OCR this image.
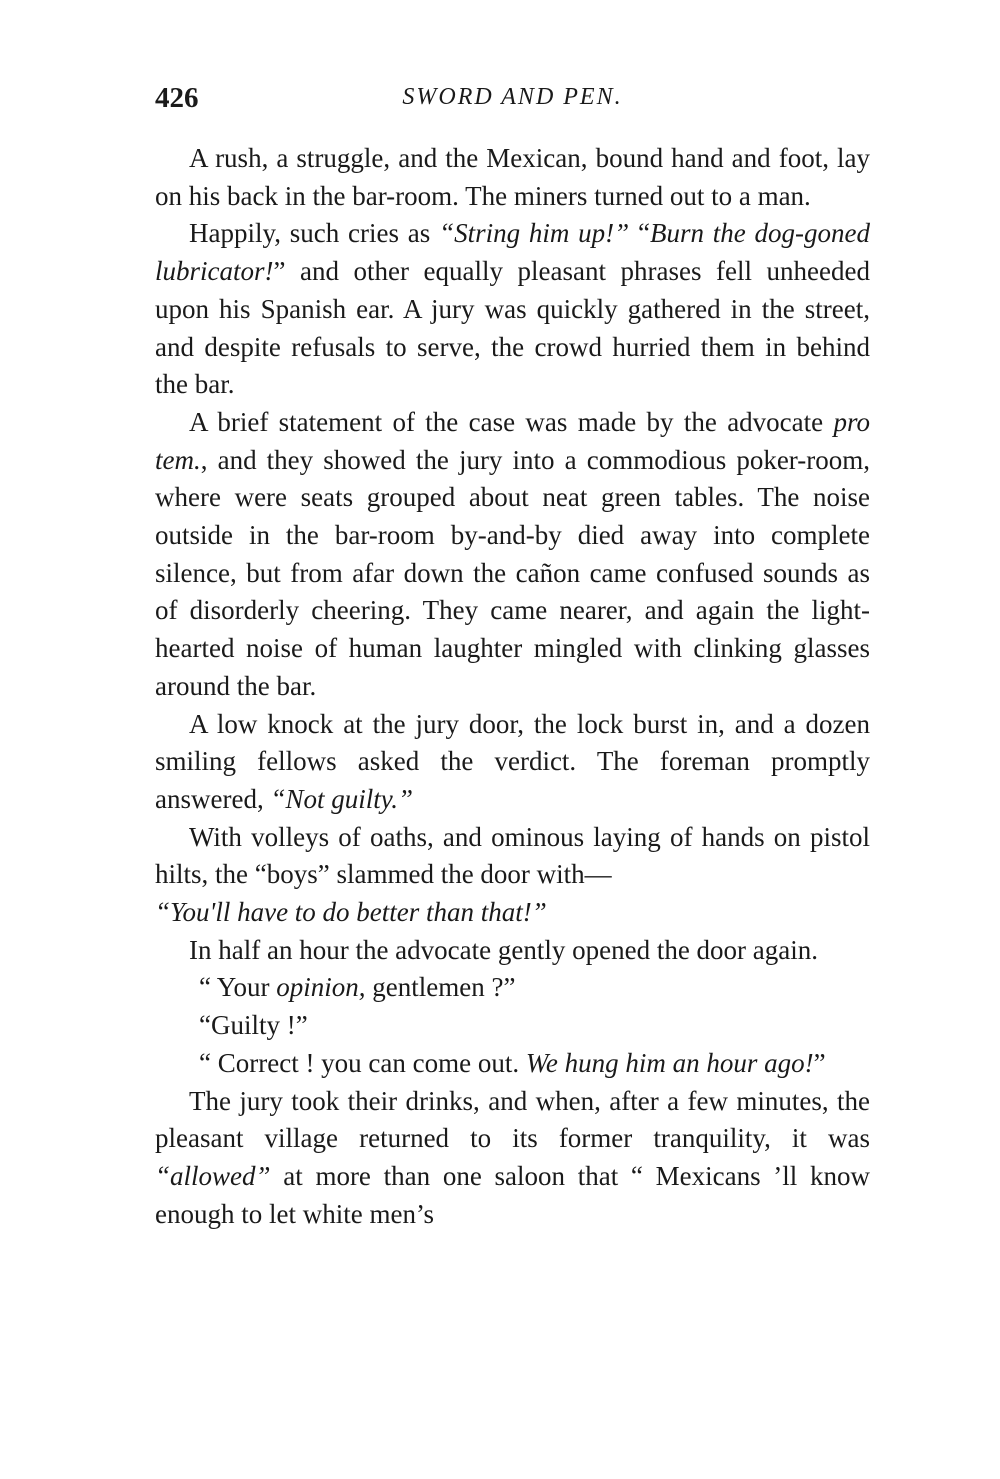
426	SWORD AND PEN.

A rush, a struggle, and the Mexican, bound hand and foot, lay on his back in the bar-room. The miners turned out to a man.

Happily, such cries as “String him up!” “Burn the dog-goned lubricator!” and other equally pleasant phrases fell unheeded upon his Spanish ear. A jury was quickly gathered in the street, and despite refusals to serve, the crowd hurried them in behind the bar.

A brief statement of the case was made by the advocate pro tem., and they showed the jury into a commodious poker-room, where were seats grouped about neat green tables. The noise outside in the bar-room by-and-by died away into complete silence, but from afar down the cañon came confused sounds as of disorderly cheering. They came nearer, and again the light-hearted noise of human laughter mingled with clinking glasses around the bar.

A low knock at the jury door, the lock burst in, and a dozen smiling fellows asked the verdict. The foreman promptly answered, “Not guilty.”

With volleys of oaths, and ominous laying of hands on pistol hilts, the “boys” slammed the door with—
“You'll have to do better than that!”

In half an hour the advocate gently opened the door again.

“ Your opinion, gentlemen ?”

“Guilty !”

“ Correct ! you can come out. We hung him an hour ago!”

The jury took their drinks, and when, after a few minutes, the pleasant village returned to its former tranquility, it was “allowed” at more than one saloon that “ Mexicans ’ll know enough to let white men’s
